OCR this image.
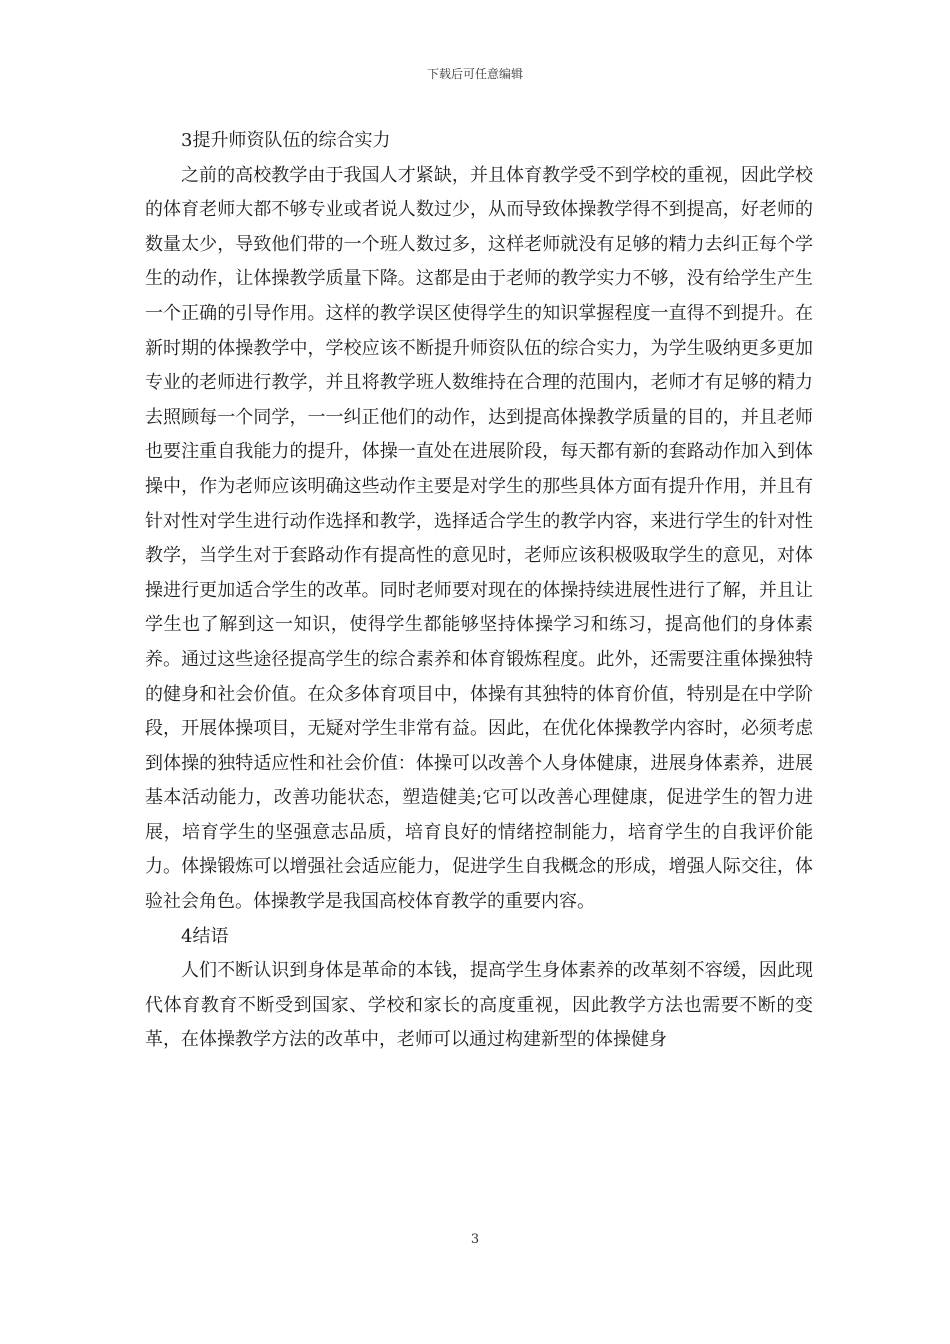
下载后可任意编辑

3提升师资队伍的综合实力

之前的高校教学由于我国人才紧缺，并且体育教学受不到学校的重视，因此学校的体育老师大都不够专业或者说人数过少，从而导致体操教学得不到提高，好老师的数量太少，导致他们带的一个班人数过多，这样老师就没有足够的精力去纠正每个学生的动作，让体操教学质量下降。这都是由于老师的教学实力不够，没有给学生产生一个正确的引导作用。这样的教学误区使得学生的知识掌握程度一直得不到提升。在新时期的体操教学中，学校应该不断提升师资队伍的综合实力，为学生吸纳更多更加专业的老师进行教学，并且将教学班人数维持在合理的范围内，老师才有足够的精力去照顾每一个同学，一一纠正他们的动作，达到提高体操教学质量的目的，并且老师也要注重自我能力的提升，体操一直处在进展阶段，每天都有新的套路动作加入到体操中，作为老师应该明确这些动作主要是对学生的那些具体方面有提升作用，并且有针对性对学生进行动作选择和教学，选择适合学生的教学内容，来进行学生的针对性教学，当学生对于套路动作有提高性的意见时，老师应该积极吸取学生的意见，对体操进行更加适合学生的改革。同时老师要对现在的体操持续进展性进行了解，并且让学生也了解到这一知识，使得学生都能够坚持体操学习和练习，提高他们的身体素养。通过这些途径提高学生的综合素养和体育锻炼程度。此外，还需要注重体操独特的健身和社会价值。在众多体育项目中，体操有其独特的体育价值，特别是在中学阶段，开展体操项目，无疑对学生非常有益。因此，在优化体操教学内容时，必须考虑到体操的独特适应性和社会价值：体操可以改善个人身体健康，进展身体素养，进展基本活动能力，改善功能状态，塑造健美;它可以改善心理健康，促进学生的智力进展，培育学生的坚强意志品质，培育良好的情绪控制能力，培育学生的自我评价能力。体操锻炼可以增强社会适应能力，促进学生自我概念的形成，增强人际交往，体验社会角色。体操教学是我国高校体育教学的重要内容。

4结语

人们不断认识到身体是革命的本钱，提高学生身体素养的改革刻不容缓，因此现代体育教育不断受到国家、学校和家长的高度重视，因此教学方法也需要不断的变革，在体操教学方法的改革中，老师可以通过构建新型的体操健身

3
